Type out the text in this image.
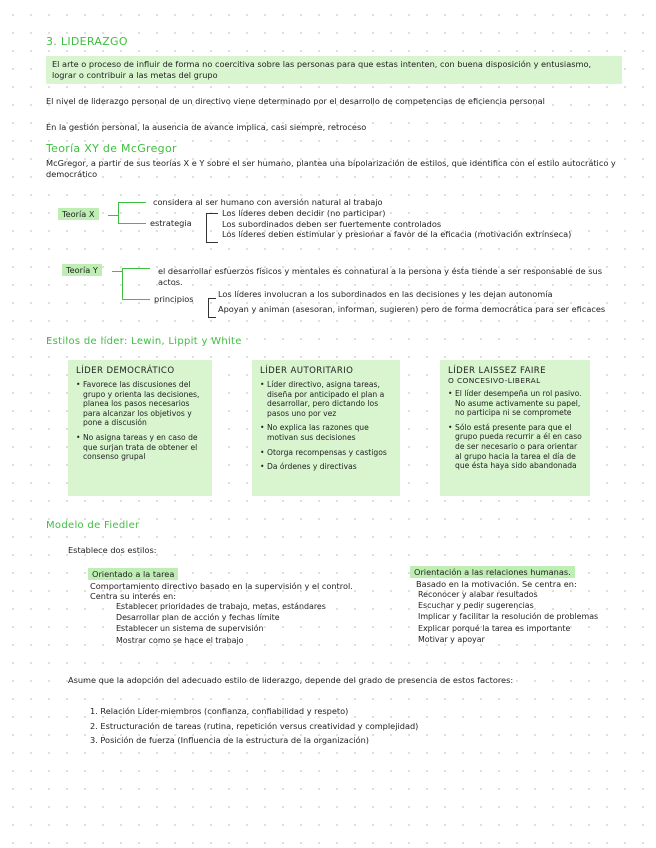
3. LIDERAZGO
El arte o proceso de influir de forma no coercitiva sobre las personas para que estas intenten, con buena disposición y entusiasmo, lograr o contribuir a las metas del grupo
El nivel de liderazgo personal de un directivo viene determinado por el desarrollo de competencias de eficiencia personal
En la gestión personal, la ausencia de avance implica, casi siempre, retroceso
Teoría XY de McGregor
McGregor, a partir de sus teorías X e Y sobre el ser humano, plantea una bipolarización de estilos, que identifica con el estilo autocrático y democrático
Teoría X
considera al ser humano con aversión natural al trabajo
estrategia
Los líderes deben decidir (no participar)
Los subordinados deben ser fuertemente controlados
Los líderes deben estimular y presionar a favor de la eficacia (motivación extrínseca)
Teoría Y	el desarrollar esfuerzos físicos y mentales es connatural a la persona y ésta tiende a ser responsable de sus actos.
principios	Los líderes involucran a los subordinados en las decisiones y les dejan autonomía
Apoyan y animan (asesoran, informan, sugieren) pero de forma democrática para ser eficaces
Estilos de líder: Lewin, Lippit y White
LÍDER DEMOCRÁTICO
• Favorece las discusiones del grupo y orienta las decisiones, planea los pasos necesarios para alcanzar los objetivos y pone a discusión
• No asigna tareas y en caso de que surjan trata de obtener el consenso grupal
LÍDER AUTORITARIO
• Líder directivo, asigna tareas, diseña por anticipado el plan a desarrollar, pero dictando los pasos uno por vez
• No explica las razones que motivan sus decisiones
• Otorga recompensas y castigos
• Da órdenes y directivas
LÍDER LAISSEZ FAIRE
O CONCESIVO-LIBERAL
• El líder desempeña un rol pasivo. No asume activamente su papel, no participa ni se compromete
• Sólo está presente para que el grupo pueda recurrir a él en caso de ser necesario o para orientar al grupo hacia la tarea el día de que ésta haya sido abandonada
Modelo de Fiedler
Establece dos estilos:
Orientado a la tarea
Comportamiento directivo basado en la supervisión y el control.
Centra su interés en:
Establecer prioridades de trabajo, metas, estándares
Desarrollar plan de acción y fechas límite
Establecer un sistema de supervisión
Mostrar como se hace el trabajo
Orientación a las relaciones humanas.
Basado en la motivación. Se centra en:
Reconocer y alabar resultados
Escuchar y pedir sugerencias
Implicar y facilitar la resolución de problemas
Explicar porqué la tarea es importante
Motivar y apoyar
Asume que la adopción del adecuado estilo de liderazgo, depende del grado de presencia de estos factores:
1. Relación Líder-miembros (confianza, confiabilidad y respeto)
2. Estructuración de tareas (rutina, repetición versus creatividad y complejidad)
3. Posición de fuerza (Influencia de la estructura de la organización)
